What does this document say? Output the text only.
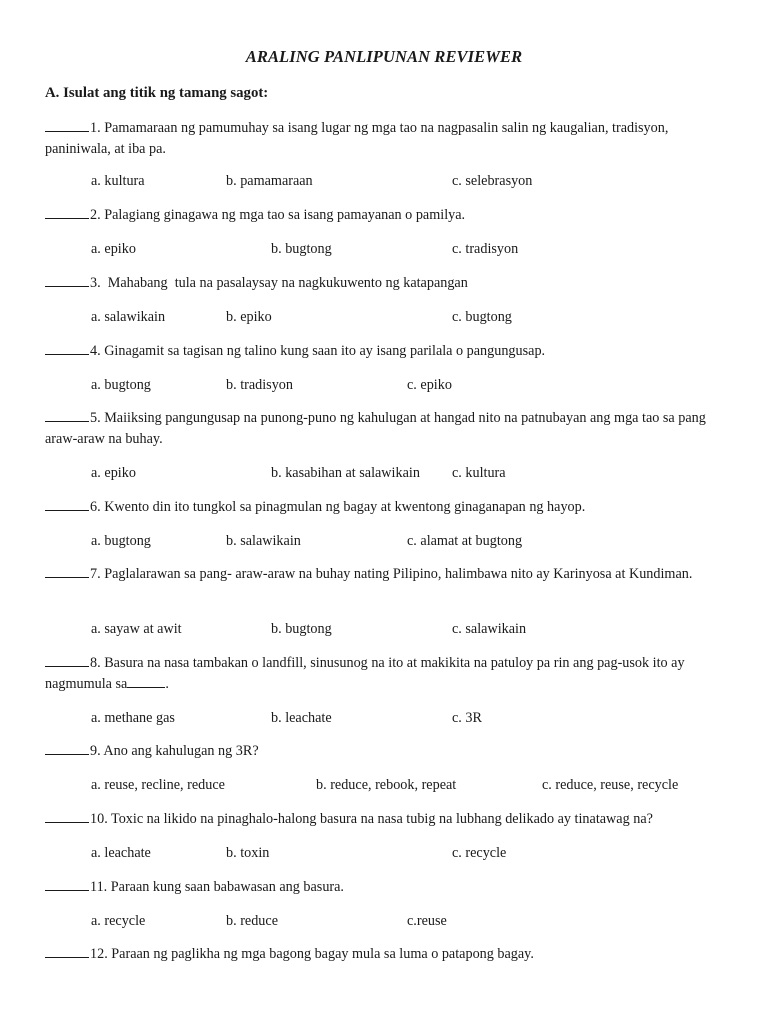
ARALING PANLIPUNAN REVIEWER
A. Isulat ang titik ng tamang sagot:
1. Pamamaraan ng pamumuhay sa isang lugar ng mga tao na nagpasalin salin ng kaugalian, tradisyon, paniniwala, at iba pa.
a. kultura	b. pamamaraan	c. selebrasyon
2. Palagiang ginagawa ng mga tao sa isang pamayanan o pamilya.
a. epiko	b. bugtong	c. tradisyon
3.  Mahabang  tula na pasalaysay na nagkukuwento ng katapangan
a. salawikain	b. epiko	c. bugtong
4. Ginagamit sa tagisan ng talino kung saan ito ay isang parilala o pangungusap.
a. bugtong	b. tradisyon	c. epiko
5. Maiiksing pangungusap na punong-puno ng kahulugan at hangad nito na patnubayan ang mga tao sa pang araw-araw na buhay.
a. epiko	b. kasabihan at salawikain c. kultura
6. Kwento din ito tungkol sa pinagmulan ng bagay at kwentong ginaganapan ng hayop.
a. bugtong	b. salawikain	c. alamat at bugtong
7. Paglalarawan sa pang- araw-araw na buhay nating Pilipino, halimbawa nito ay Karinyosa at Kundiman.
a. sayaw at awit	b. bugtong	c. salawikain
8. Basura na nasa tambakan o landfill, sinusunog na ito at makikita na patuloy pa rin ang pag-usok ito ay nagmumula sa	.
a. methane gas	b. leachate	c. 3R
9. Ano ang kahulugan ng 3R?
a. reuse, recline, reduce	b. reduce, rebook, repeat	c. reduce, reuse, recycle
10. Toxic na likido na pinaghalo-halong basura na nasa tubig na lubhang delikado ay tinatawag na?
a. leachate	b. toxin	c. recycle
11. Paraan kung saan babawasan ang basura.
a. recycle	b. reduce	c.reuse
12. Paraan ng paglikha ng mga bagong bagay mula sa luma o patapong bagay.
